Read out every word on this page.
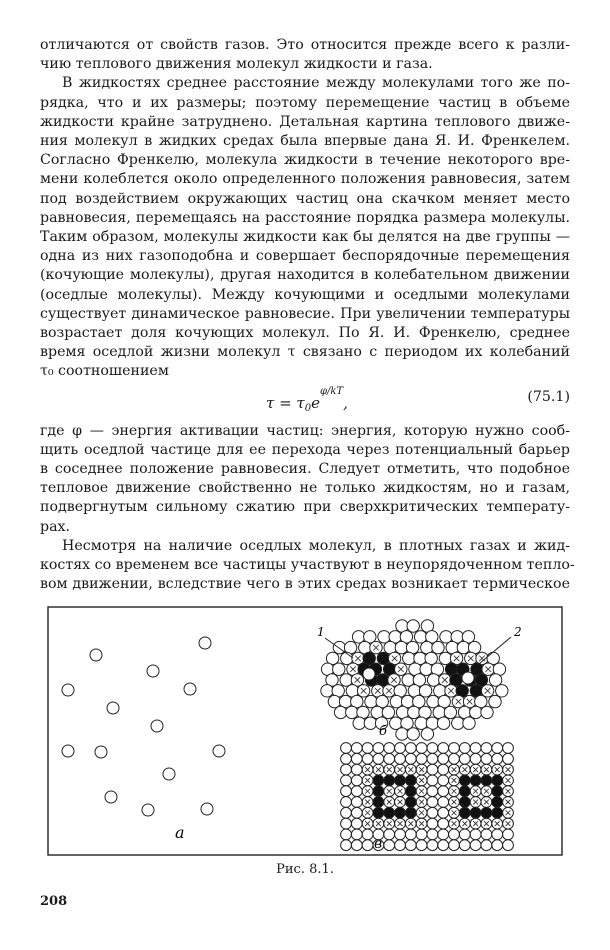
отличаются от свойств газов. Это относится прежде всего к разли-
чию теплового движения молекул жидкости и газа.
В жидкостях среднее расстояние между молекулами того же по-
рядка, что и их размеры; поэтому перемещение частиц в объеме
жидкости крайне затруднено. Детальная картина теплового движе-
ния молекул в жидких средах была впервые дана Я. И. Френкелем.
Согласно Френкелю, молекула жидкости в течение некоторого вре-
мени колеблется около определенного положения равновесия, затем
под воздействием окружающих частиц она скачком меняет место
равновесия, перемещаясь на расстояние порядка размера молекулы.
Таким образом, молекулы жидкости как бы делятся на две группы —
одна из них газоподобна и совершает беспорядочные перемещения
(кочующие молекулы), другая находится в колебательном движении
(оседлые молекулы). Между кочующими и оседлыми молекулами
существует динамическое равновесие. При увеличении температуры
возрастает доля кочующих молекул. По Я. И. Френкелю, среднее
время оседлой жизни молекул τ связано с периодом их колебаний
τ₀ соотношением
$\tau = \tau_0e^{\varphi/kT}$,	(75.1)
где φ — энергия активации частиц: энергия, которую нужно сооб-
щить оседлой частице для ее перехода через потенциальный барьер
в соседнее положение равновесия. Следует отметить, что подобное
тепловое движение свойственно не только жидкостям, но и газам,
подвергнутым сильному сжатию при сверхкритических температу-
рах.
Несмотря на наличие оседлых молекул, в плотных газах и жид-
костях со временем все частицы участвуют в неупорядоченном тепло-
вом движении, вследствие чего в этих средах возникает термическое
а
б
в
1	2
Рис. 8.1.
208
